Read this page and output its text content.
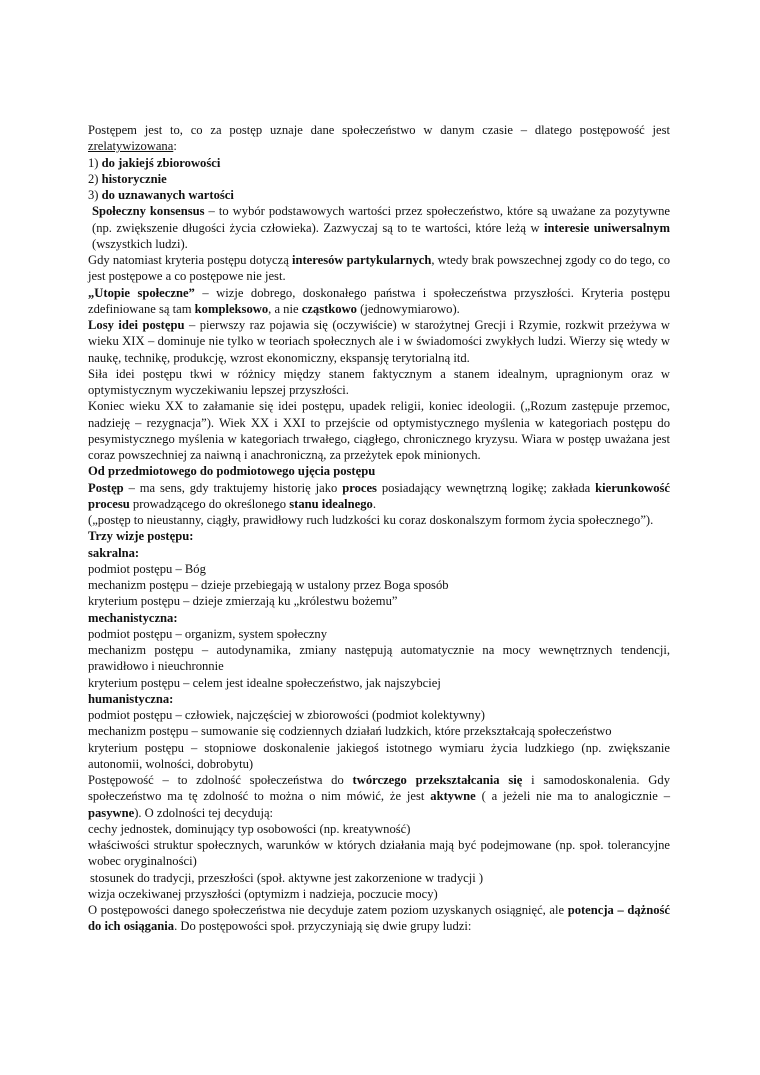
Postępem jest to, co za postęp uznaje dane społeczeństwo w danym czasie – dlatego postępowość jest zrelatywizowana:

1) do jakiejś zbiorowości

2) historycznie

3) do uznawanych wartości

Społeczny konsensus – to wybór podstawowych wartości przez społeczeństwo, które są uważane za pozytywne (np. zwiększenie długości życia człowieka). Zazwyczaj są to te wartości, które leżą w interesie uniwersalnym (wszystkich ludzi).

Gdy natomiast kryteria postępu dotyczą interesów partykularnych, wtedy brak powszechnej zgody co do tego, co jest postępowe a co postępowe nie jest.

„Utopie społeczne” – wizje dobrego, doskonałego państwa i społeczeństwa przyszłości. Kryteria postępu zdefiniowane są tam kompleksowo, a nie cząstkowo (jednowymiarowo).

Losy idei postępu – pierwszy raz pojawia się (oczywiście) w starożytnej Grecji i Rzymie, rozkwit przeżywa w wieku XIX – dominuje nie tylko w teoriach społecznych ale i w świadomości zwykłych ludzi. Wierzy się wtedy w naukę, technikę, produkcję, wzrost ekonomiczny, ekspansję terytorialną itd.

Siła idei postępu tkwi w różnicy między stanem faktycznym a stanem idealnym, upragnionym oraz w optymistycznym wyczekiwaniu lepszej przyszłości.

Koniec wieku XX to załamanie się idei postępu, upadek religii, koniec ideologii. („Rozum zastępuje przemoc, nadzieję – rezygnacja”). Wiek XX i XXI to przejście od optymistycznego myślenia w kategoriach postępu do pesymistycznego myślenia w kategoriach trwałego, ciągłego, chronicznego kryzysu. Wiara w postęp uważana jest coraz powszechniej za naiwną i anachroniczną, za przeżytek epok minionych.

Od przedmiotowego do podmiotowego ujęcia postępu

Postęp – ma sens, gdy traktujemy historię jako proces posiadający wewnętrzną logikę; zakłada kierunkowość procesu prowadzącego do określonego stanu idealnego.

(„postęp to nieustanny, ciągły, prawidłowy ruch ludzkości ku coraz doskonalszym formom życia społecznego”).

Trzy wizje postępu:

sakralna:

podmiot postępu – Bóg

mechanizm postępu – dzieje przebiegają w ustalony przez Boga sposób

kryterium postępu – dzieje zmierzają ku „królestwu bożemu”

mechanistyczna:

podmiot postępu – organizm, system społeczny

mechanizm postępu – autodynamika, zmiany następują automatycznie na mocy wewnętrznych tendencji, prawidłowo i nieuchronnie

kryterium postępu – celem jest idealne społeczeństwo, jak najszybciej

humanistyczna:

podmiot postępu – człowiek, najczęściej w zbiorowości (podmiot kolektywny)

mechanizm postępu – sumowanie się codziennych działań ludzkich, które przekształcają społeczeństwo

kryterium postępu – stopniowe doskonalenie jakiegoś istotnego wymiaru życia ludzkiego (np. zwiększanie autonomii, wolności, dobrobytu)

Postępowość – to zdolność społeczeństwa do twórczego przekształcania się i samodoskonalenia. Gdy społeczeństwo ma tę zdolność to można o nim mówić, że jest aktywne ( a jeżeli nie ma to analogicznie – pasywne). O zdolności tej decydują:

cechy jednostek, dominujący typ osobowości (np. kreatywność)

właściwości struktur społecznych, warunków w których działania mają być podejmowane (np. społ. tolerancyjne wobec oryginalności)

stosunek do tradycji, przeszłości (społ. aktywne jest zakorzenione w tradycji )

wizja oczekiwanej przyszłości (optymizm i nadzieja, poczucie mocy)

O postępowości danego społeczeństwa nie decyduje zatem poziom uzyskanych osiągnięć, ale potencja – dążność do ich osiągania. Do postępowości społ. przyczyniają się dwie grupy ludzi:
